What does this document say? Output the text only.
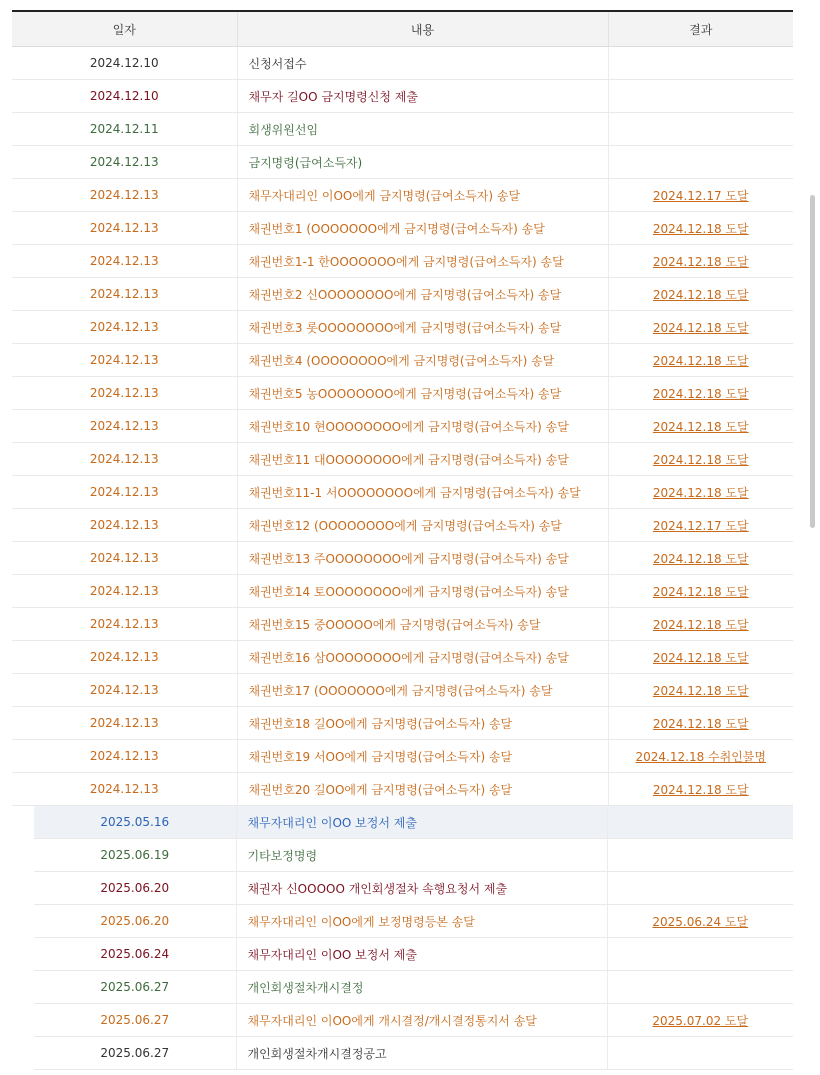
일자	내용	결과
2024.12.10	신청서접수	
2024.12.10	채무자 길OO 금지명령신청 제출	
2024.12.11	회생위원선임	
2024.12.13	금지명령(급여소득자)	
2024.12.13	채무자대리인 이OO에게 금지명령(급여소득자) 송달	2024.12.17 도달
2024.12.13	채권번호1 (OOOOOOO에게 금지명령(급여소득자) 송달	2024.12.18 도달
2024.12.13	채권번호1-1 한OOOOOOO에게 금지명령(급여소득자) 송달	2024.12.18 도달
2024.12.13	채권번호2 신OOOOOOOO에게 금지명령(급여소득자) 송달	2024.12.18 도달
2024.12.13	채권번호3 롯OOOOOOOO에게 금지명령(급여소득자) 송달	2024.12.18 도달
2024.12.13	채권번호4 (OOOOOOOO에게 금지명령(급여소득자) 송달	2024.12.18 도달
2024.12.13	채권번호5 농OOOOOOOO에게 금지명령(급여소득자) 송달	2024.12.18 도달
2024.12.13	채권번호10 현OOOOOOOO에게 금지명령(급여소득자) 송달	2024.12.18 도달
2024.12.13	채권번호11 대OOOOOOOO에게 금지명령(급여소득자) 송달	2024.12.18 도달
2024.12.13	채권번호11-1 서OOOOOOOO에게 금지명령(급여소득자) 송달	2024.12.18 도달
2024.12.13	채권번호12 (OOOOOOOO에게 금지명령(급여소득자) 송달	2024.12.17 도달
2024.12.13	채권번호13 주OOOOOOOO에게 금지명령(급여소득자) 송달	2024.12.18 도달
2024.12.13	채권번호14 토OOOOOOOO에게 금지명령(급여소득자) 송달	2024.12.18 도달
2024.12.13	채권번호15 중OOOOO에게 금지명령(급여소득자) 송달	2024.12.18 도달
2024.12.13	채권번호16 삼OOOOOOOO에게 금지명령(급여소득자) 송달	2024.12.18 도달
2024.12.13	채권번호17 (OOOOOOO에게 금지명령(급여소득자) 송달	2024.12.18 도달
2024.12.13	채권번호18 길OO에게 금지명령(급여소득자) 송달	2024.12.18 도달
2024.12.13	채권번호19 서OO에게 금지명령(급여소득자) 송달	2024.12.18 수취인불명
2024.12.13	채권번호20 길OO에게 금지명령(급여소득자) 송달	2024.12.18 도달
2025.05.16	채무자대리인 이OO 보정서 제출	
2025.06.19	기타보정명령	
2025.06.20	채권자 신OOOOO 개인회생절차 속행요청서 제출	
2025.06.20	채무자대리인 이OO에게 보정명령등본 송달	2025.06.24 도달
2025.06.24	채무자대리인 이OO 보정서 제출	
2025.06.27	개인회생절차개시결정	
2025.06.27	채무자대리인 이OO에게 개시결정/개시결정통지서 송달	2025.07.02 도달
2025.06.27	개인회생절차개시결정공고	
